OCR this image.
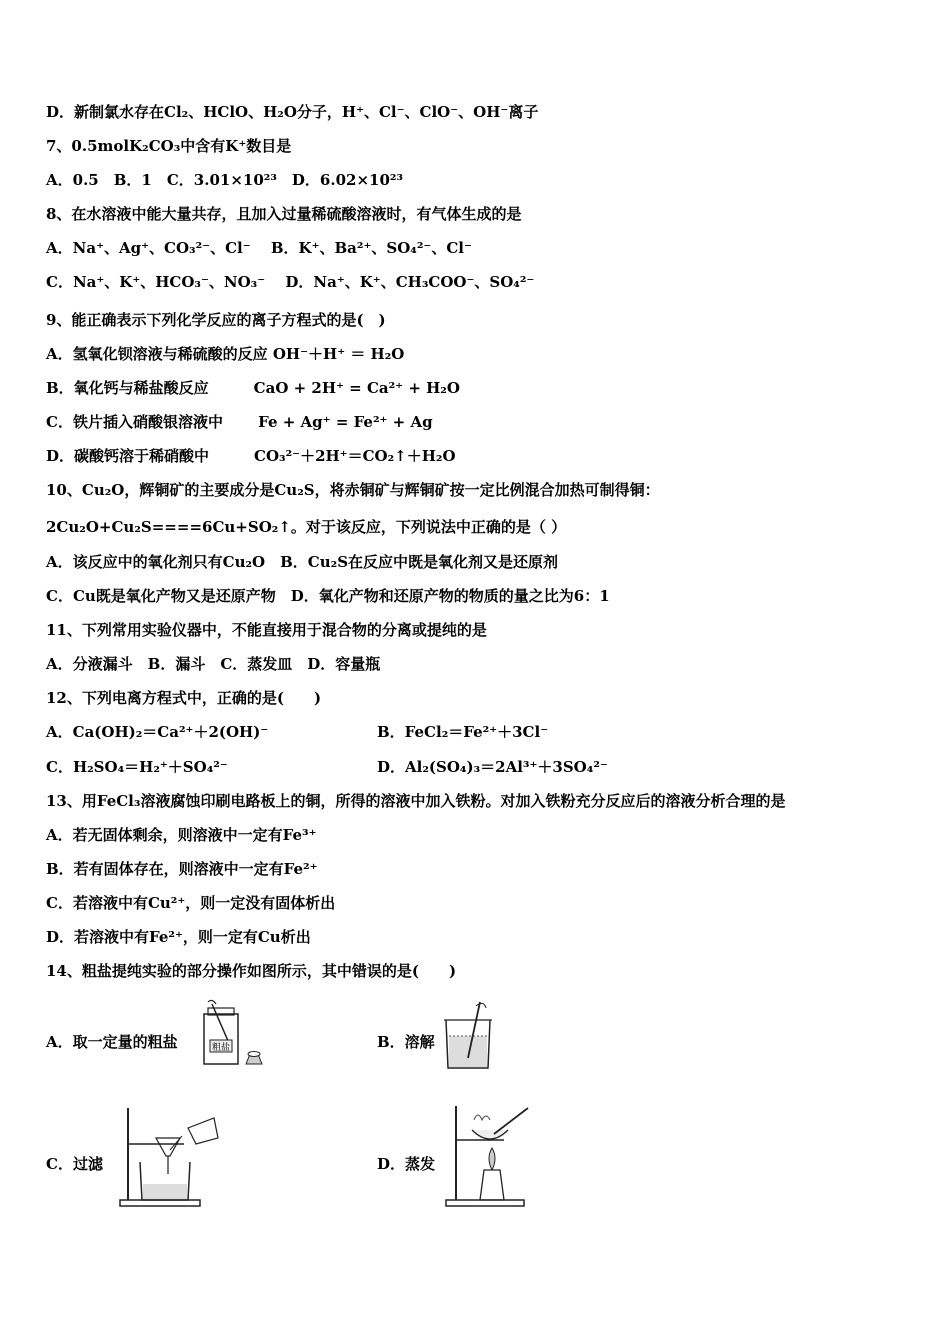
D．新制氯水存在Cl₂、HClO、H₂O分子，H⁺、Cl⁻、ClO⁻、OH⁻离子
7、0.5molK₂CO₃中含有K⁺数目是
A．0.5　B．1　C．3.01×10²³　D．6.02×10²³
8、在水溶液中能大量共存，且加入过量稀硫酸溶液时，有气体生成的是
A．Na⁺、Ag⁺、CO₃²⁻、Cl⁻　 B．K⁺、Ba²⁺、SO₄²⁻、Cl⁻
C．Na⁺、K⁺、HCO₃⁻、NO₃⁻　 D．Na⁺、K⁺、CH₃COO⁻、SO₄²⁻
9、能正确表示下列化学反应的离子方程式的是(　)
A．氢氧化钡溶液与稀硫酸的反应 OH⁻＋H⁺ ＝ H₂O
B．氧化钙与稀盐酸反应　　　CaO + 2H⁺ = Ca²⁺ + H₂O
C．铁片插入硝酸银溶液中　　 Fe + Ag⁺ = Fe²⁺ + Ag
D．碳酸钙溶于稀硝酸中　　　CO₃²⁻＋2H⁺＝CO₂↑＋H₂O
10、Cu₂O，辉铜矿的主要成分是Cu₂S，将赤铜矿与辉铜矿按一定比例混合加热可制得铜：
2Cu₂O+Cu₂S====6Cu+SO₂↑。对于该反应，下列说法中正确的是（ ）
A．该反应中的氧化剂只有Cu₂O　B．Cu₂S在反应中既是氧化剂又是还原剂
C．Cu既是氧化产物又是还原产物　D．氧化产物和还原产物的物质的量之比为6：1
11、下列常用实验仪器中，不能直接用于混合物的分离或提纯的是
A．分液漏斗　B．漏斗　C．蒸发皿　D．容量瓶
12、下列电离方程式中，正确的是(　　)
A．Ca(OH)₂＝Ca²⁺＋2(OH)⁻	B．FeCl₂＝Fe²⁺＋3Cl⁻
C．H₂SO₄＝H₂⁺＋SO₄²⁻	D．Al₂(SO₄)₃＝2Al³⁺＋3SO₄²⁻
13、用FeCl₃溶液腐蚀印刷电路板上的铜，所得的溶液中加入铁粉。对加入铁粉充分反应后的溶液分析合理的是
A．若无固体剩余，则溶液中一定有Fe³⁺
B．若有固体存在，则溶液中一定有Fe²⁺
C．若溶液中有Cu²⁺，则一定没有固体析出
D．若溶液中有Fe²⁺，则一定有Cu析出
14、粗盐提纯实验的部分操作如图所示，其中错误的是(　　)
A．取一定量的粗盐	B．溶解
C．过滤	D．蒸发
粗盐
